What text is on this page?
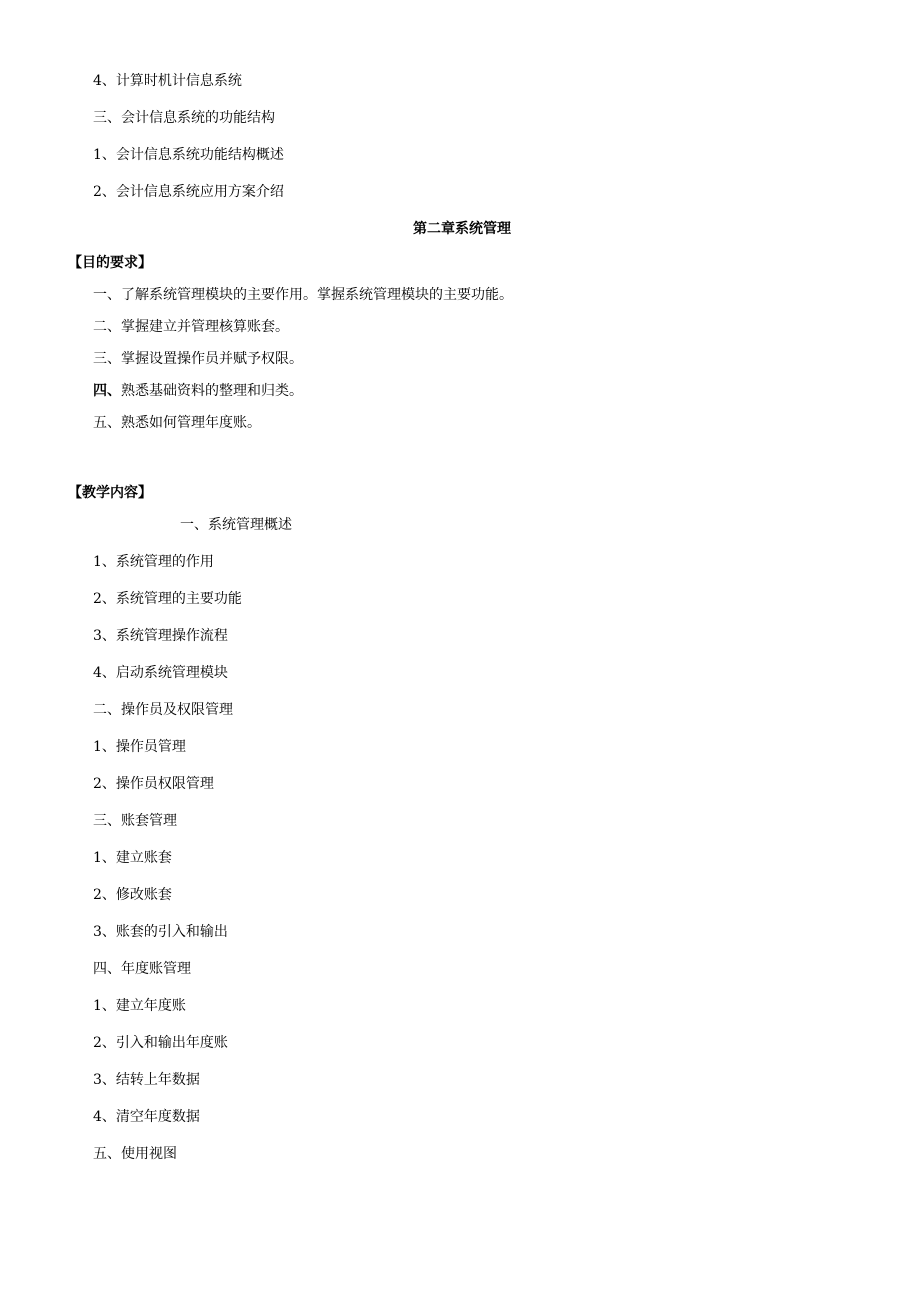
4、计算时机计信息系统

三、会计信息系统的功能结构

1、会计信息系统功能结构概述

2、会计信息系统应用方案介绍

第二章系统管理

【目的要求】

一、了解系统管理模块的主要作用。掌握系统管理模块的主要功能。

二、掌握建立并管理核算账套。

三、掌握设置操作员并赋予权限。

四、熟悉基础资料的整理和归类。

五、熟悉如何管理年度账。

【教学内容】

一、系统管理概述

1、系统管理的作用

2、系统管理的主要功能

3、系统管理操作流程

4、启动系统管理模块

二、操作员及权限管理

1、操作员管理

2、操作员权限管理

三、账套管理

1、建立账套

2、修改账套

3、账套的引入和输出

四、年度账管理

1、建立年度账

2、引入和输出年度账

3、结转上年数据

4、清空年度数据

五、使用视图
